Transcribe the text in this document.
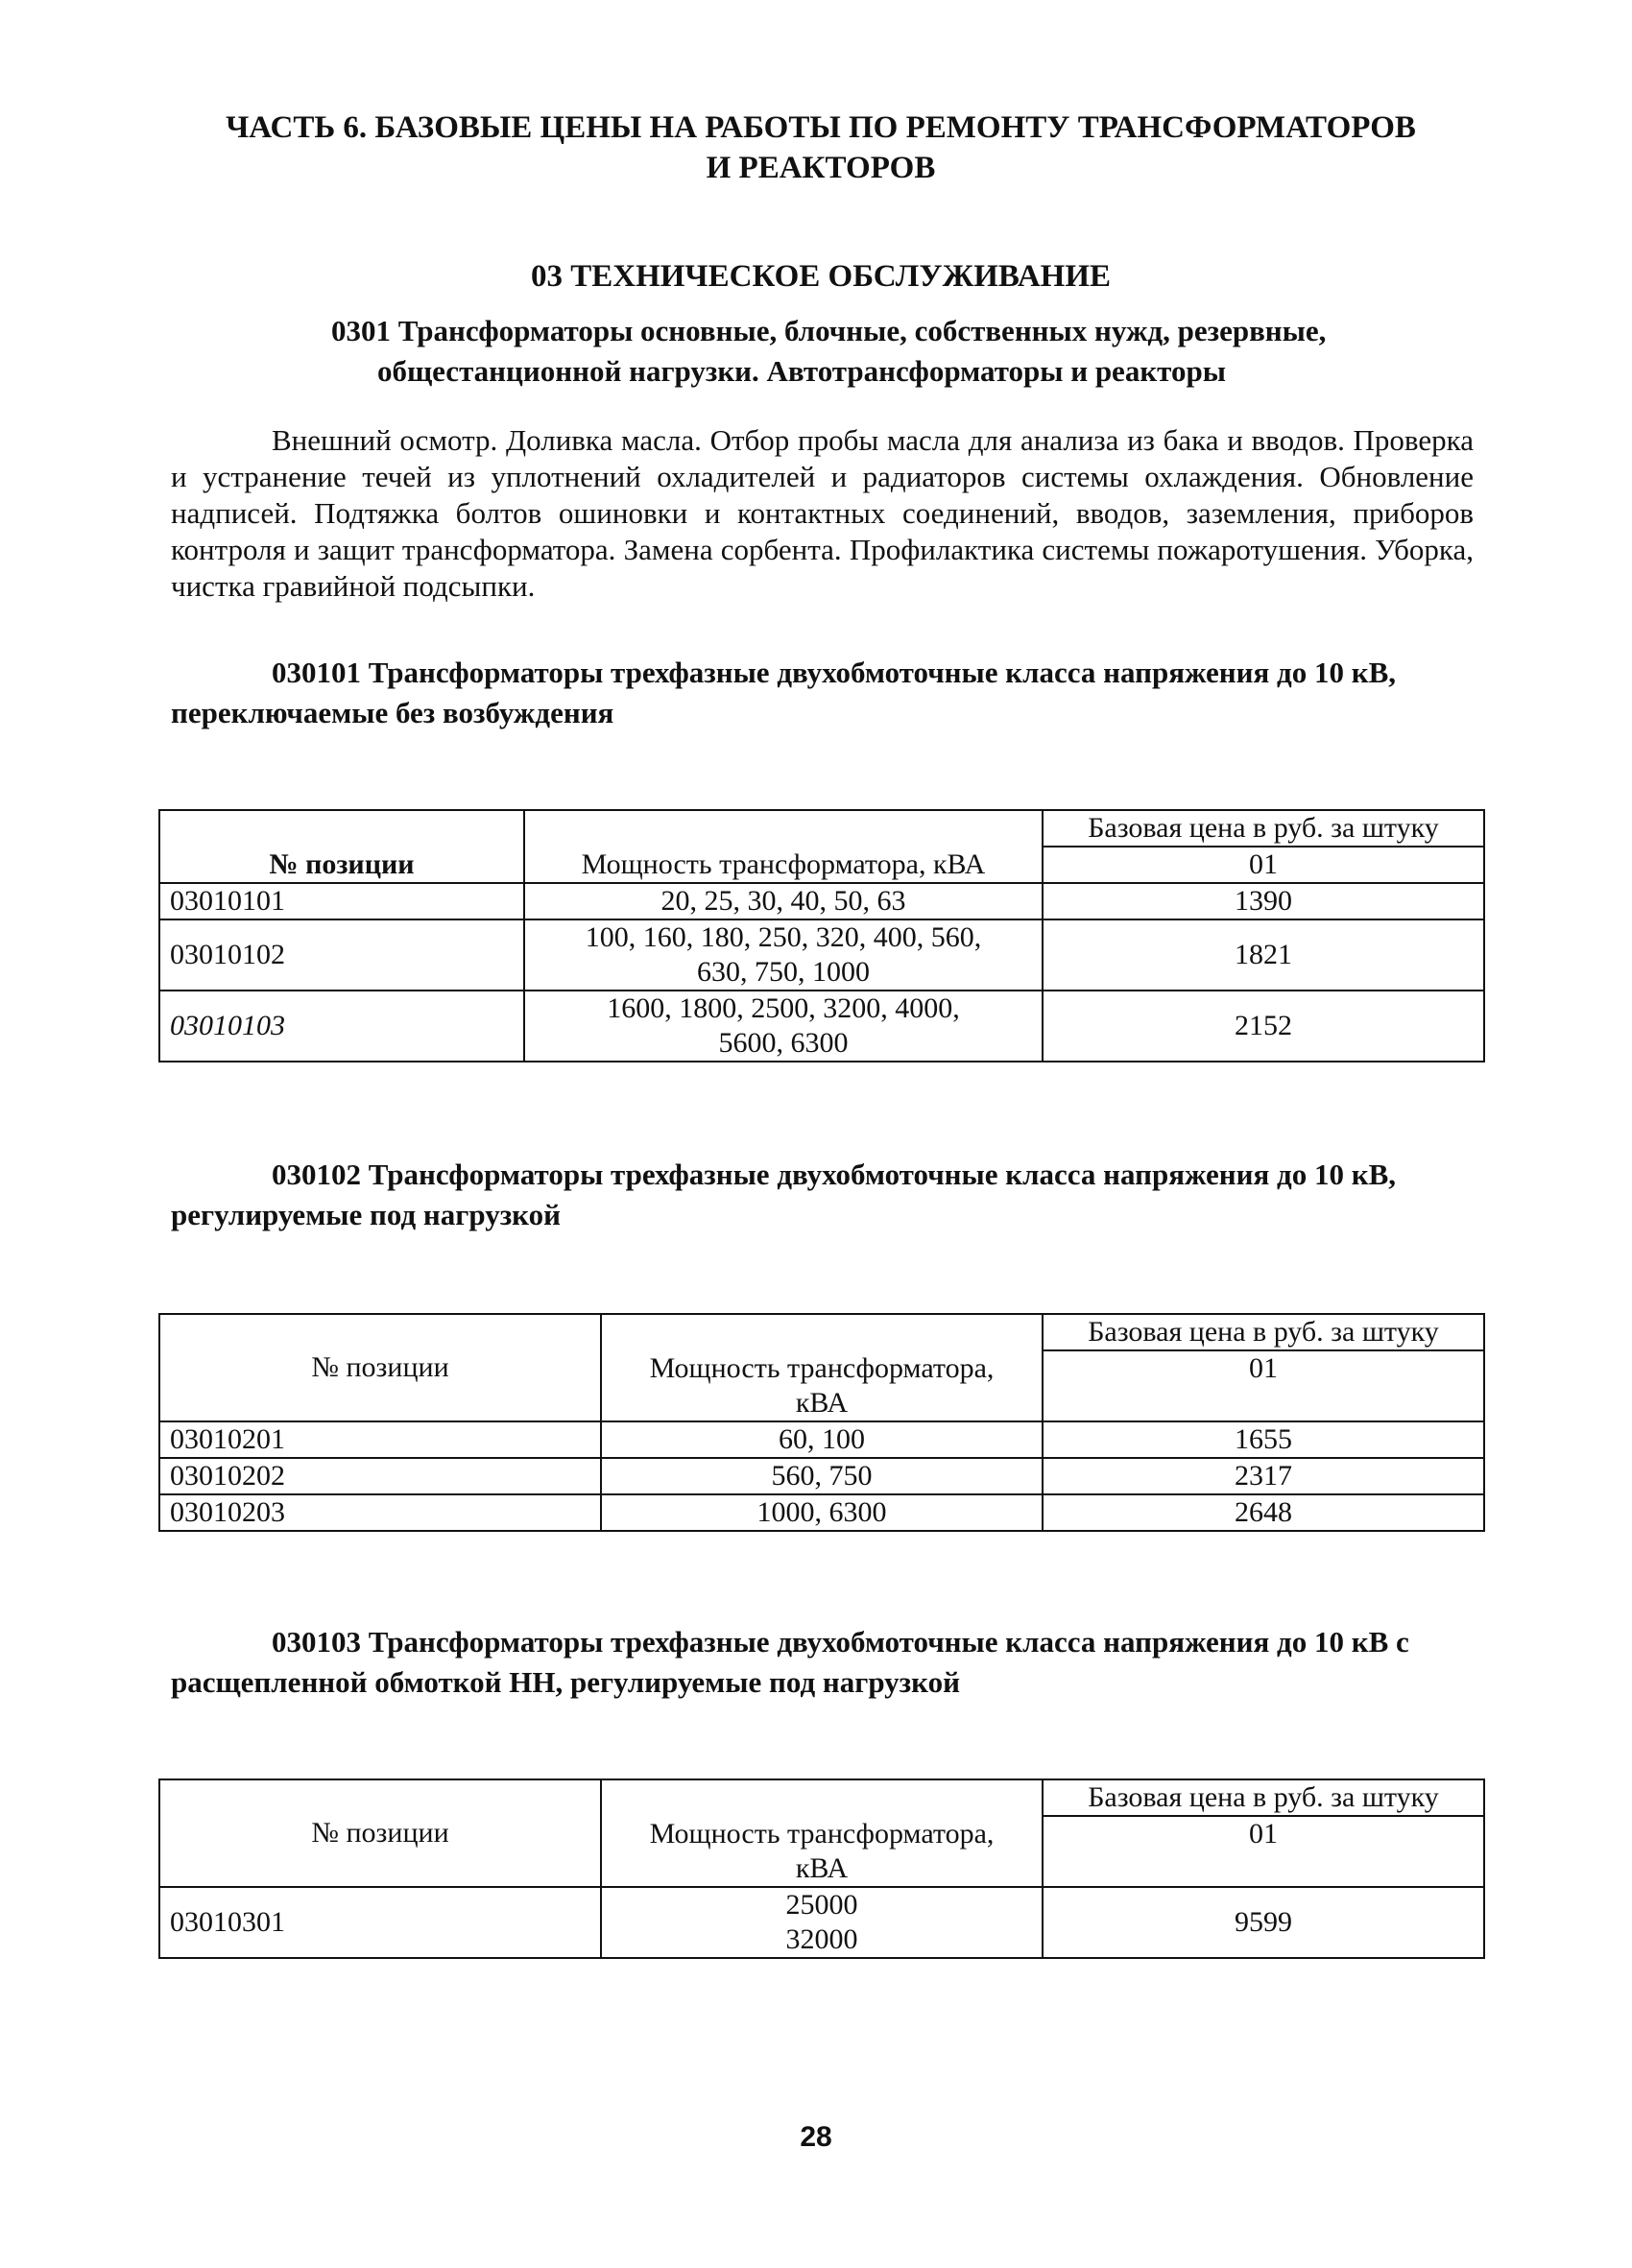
ЧАСТЬ 6. БАЗОВЫЕ ЦЕНЫ НА РАБОТЫ ПО РЕМОНТУ ТРАНСФОРМАТОРОВ
И РЕАКТОРОВ
03 ТЕХНИЧЕСКОЕ ОБСЛУЖИВАНИЕ
0301 Трансформаторы основные, блочные, собственных нужд, резервные, общестанционной нагрузки. Автотрансформаторы и реакторы
Внешний осмотр. Доливка масла. Отбор пробы масла для анализа из бака и вводов. Проверка и устранение течей из уплотнений охладителей и радиаторов системы охлаждения. Обновление надписей. Подтяжка болтов ошиновки и контактных соединений, вводов, заземления, приборов контроля и защит трансформатора. Замена сорбента. Профилактика системы пожаротушения. Уборка, чистка гравийной подсыпки.
030101 Трансформаторы трехфазные двухобмоточные класса напряжения до 10 кВ, переключаемые без возбуждения
№ позиции	Мощность трансформатора, кВА	Базовая цена в руб. за штуку
		01
03010101	20, 25, 30, 40, 50, 63	1390
03010102	100, 160, 180, 250, 320, 400, 560,
630, 750, 1000	1821
03010103	1600, 1800, 2500, 3200, 4000,
5600, 6300	2152
030102 Трансформаторы трехфазные двухобмоточные класса напряжения до 10 кВ, регулируемые под нагрузкой
№ позиции	Мощность трансформатора,
кВА	Базовая цена в руб. за штуку
		01
03010201	60, 100	1655
03010202	560, 750	2317
03010203	1000, 6300	2648
030103 Трансформаторы трехфазные двухобмоточные класса напряжения до 10 кВ с расщепленной обмоткой НН, регулируемые под нагрузкой
№ позиции	Мощность трансформатора,
кВА	Базовая цена в руб. за штуку
		01
03010301	25000
32000	9599
28
